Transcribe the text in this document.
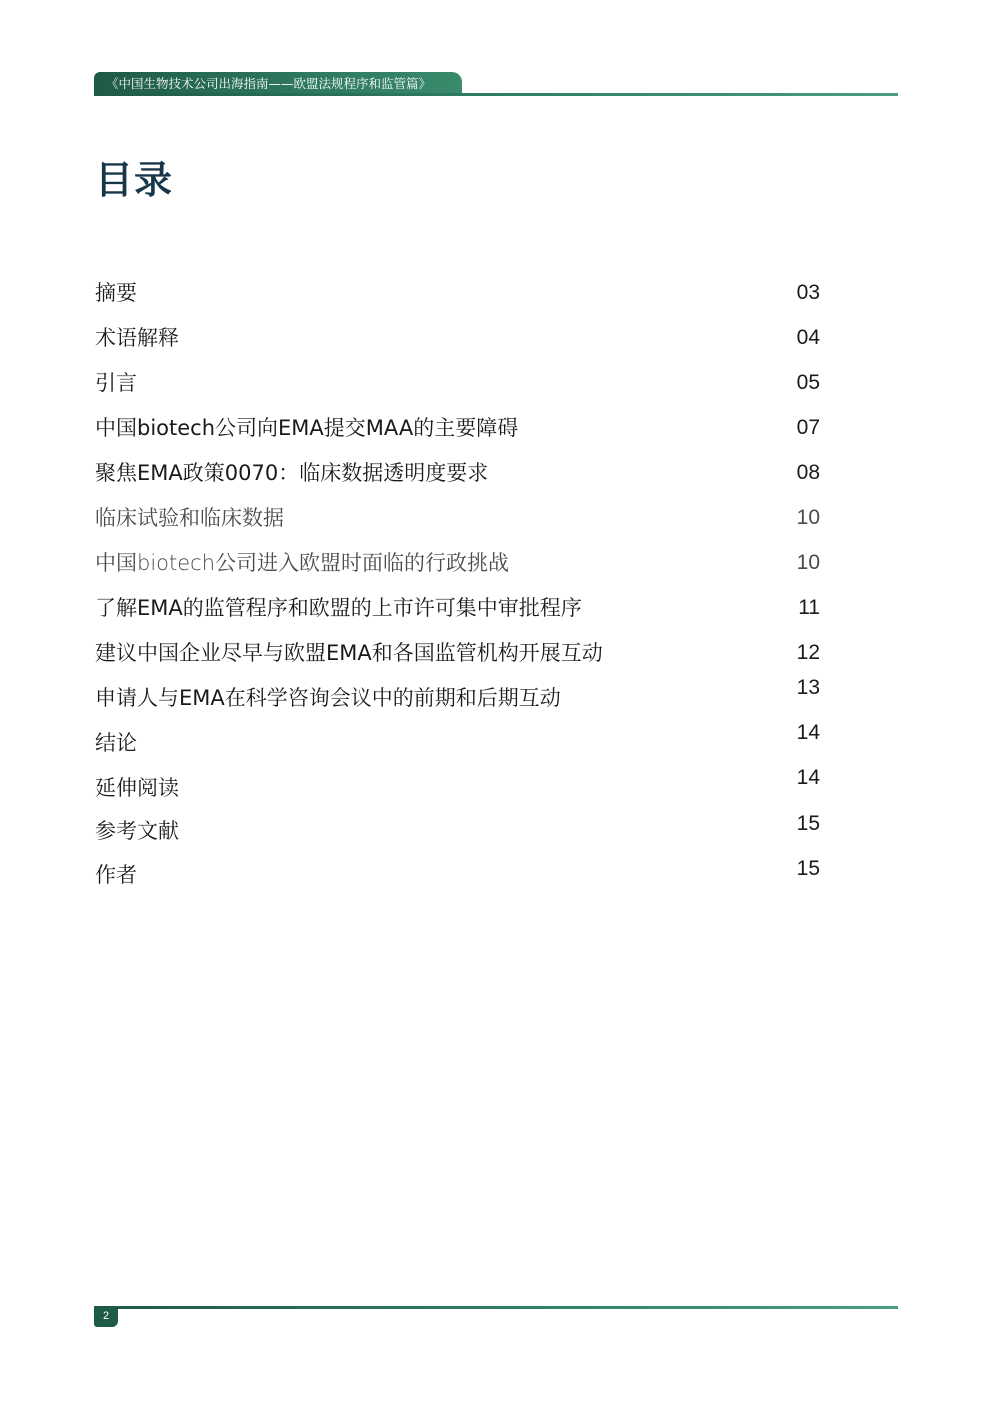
《中国生物技术公司出海指南——欧盟法规程序和监管篇》
目录
摘要	03
术语解释	04
引言	05
中国biotech公司向EMA提交MAA的主要障碍	07
聚焦EMA政策0070：临床数据透明度要求	08
临床试验和临床数据	10
中国biotech公司进入欧盟时面临的行政挑战	10
了解EMA的监管程序和欧盟的上市许可集中审批程序	11
建议中国企业尽早与欧盟EMA和各国监管机构开展互动	12
申请人与EMA在科学咨询会议中的前期和后期互动	13
结论	14
延伸阅读	14
参考文献	15
作者	15
2
